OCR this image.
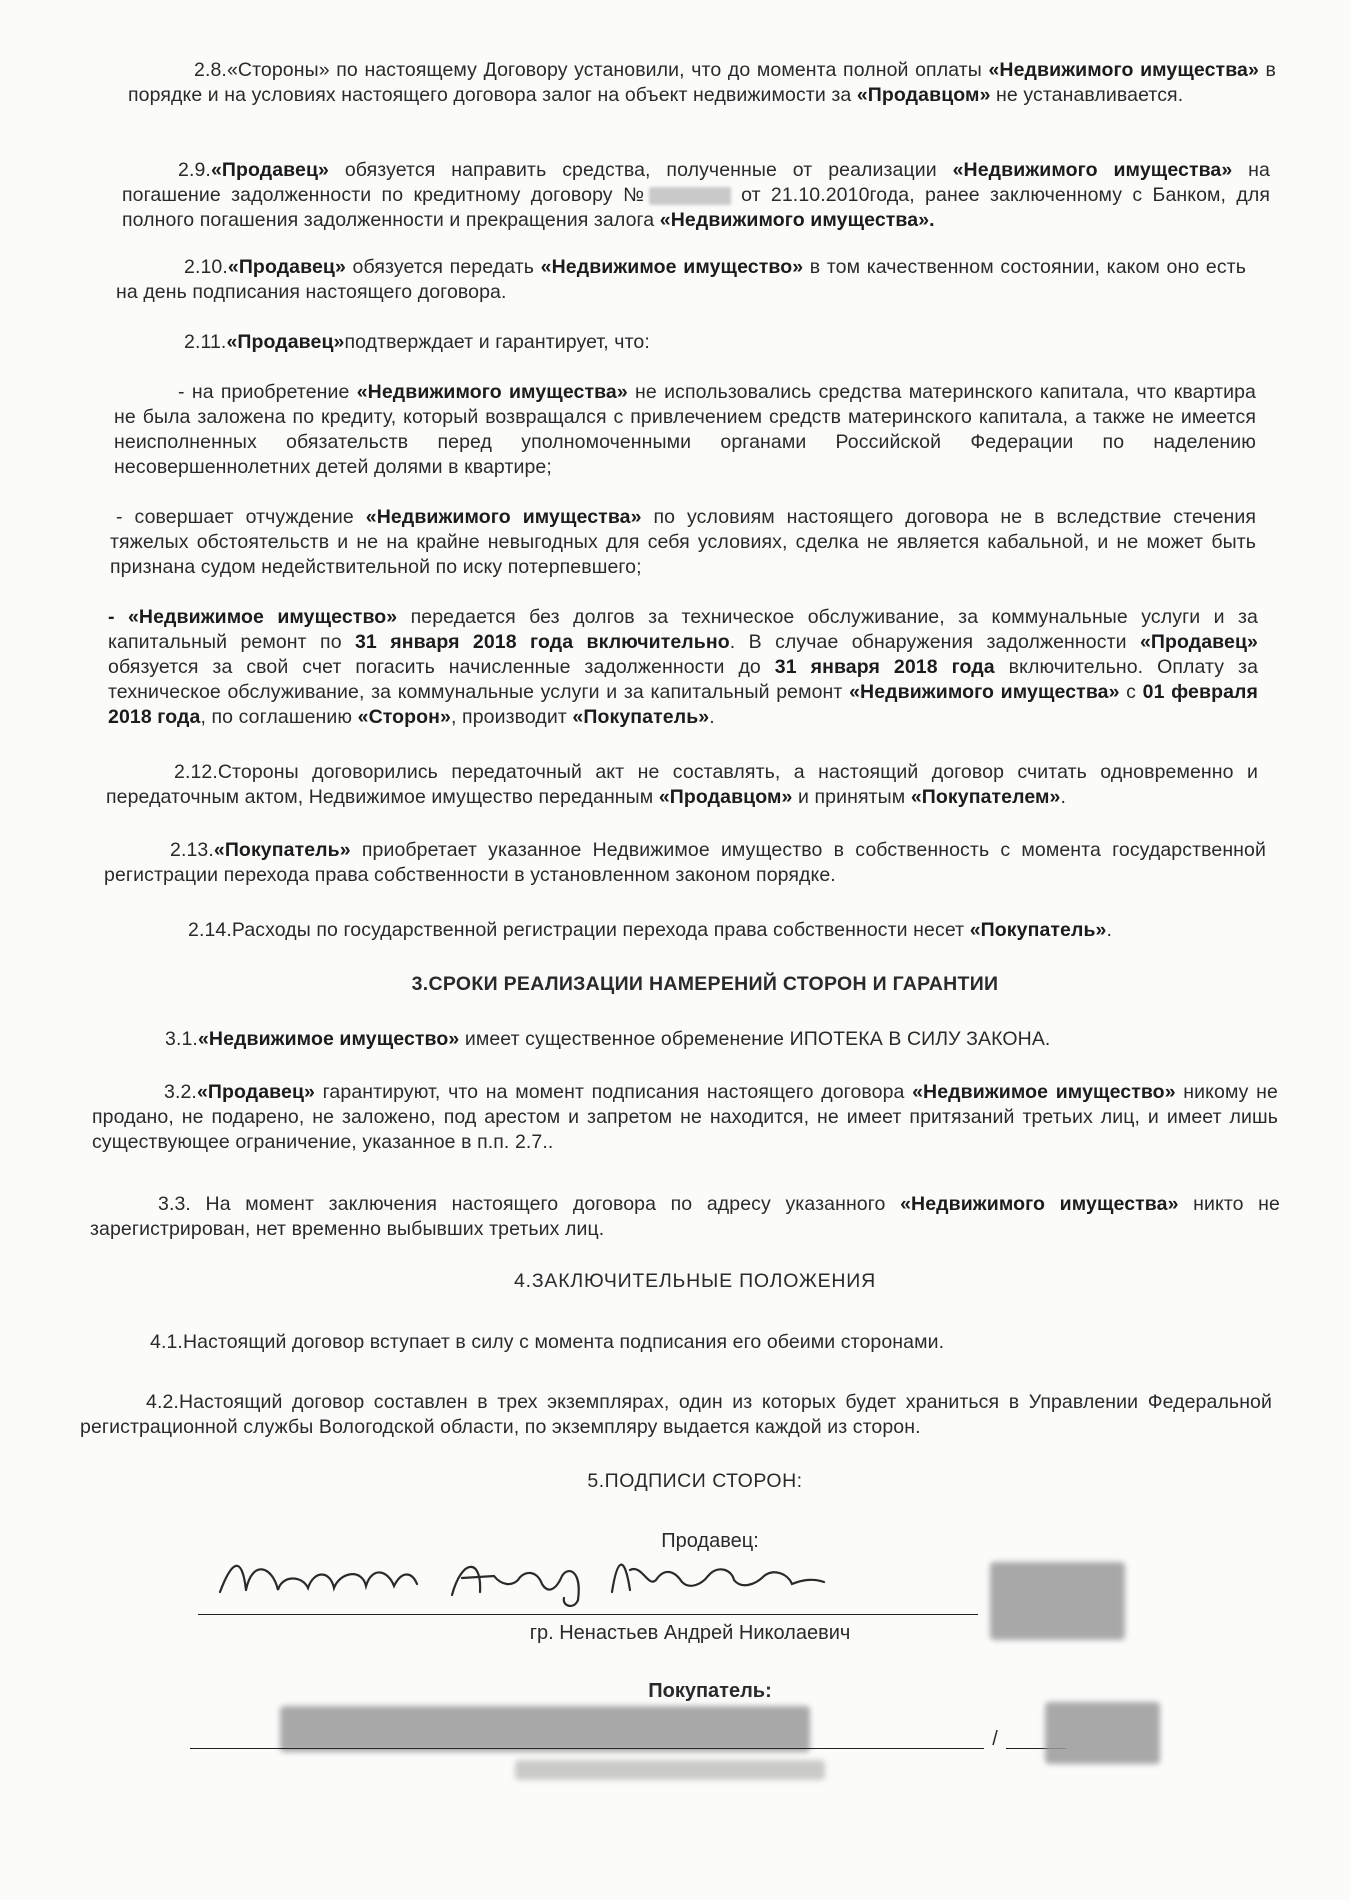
2.8.«Стороны» по настоящему Договору установили, что до момента полной оплаты «Недвижимого имущества» в порядке и на условиях настоящего договора залог на объект недвижимости за «Продавцом» не устанавливается.
2.9.«Продавец» обязуется направить средства, полученные от реализации «Недвижимого имущества» на погашение задолженности по кредитному договору №	от 21.10.2010года, ранее заключенному с Банком, для полного погашения задолженности и прекращения залога «Недвижимого имущества».
2.10.«Продавец» обязуется передать «Недвижимое имущество» в том качественном состоянии, каком оно есть на день подписания настоящего договора.
2.11.«Продавец»подтверждает и гарантирует, что:
- на приобретение «Недвижимого имущества» не использовались средства материнского капитала, что квартира не была заложена по кредиту, который возвращался с привлечением средств материнского капитала, а также не имеется неисполненных обязательств перед уполномоченными органами Российской Федерации по наделению несовершеннолетних детей долями в квартире;
- совершает отчуждение «Недвижимого имущества» по условиям настоящего договора не в вследствие стечения тяжелых обстоятельств и не на крайне невыгодных для себя условиях, сделка не является кабальной, и не может быть признана судом недействительной по иску потерпевшего;
- «Недвижимое имущество» передается без долгов за техническое обслуживание, за коммунальные услуги и за капитальный ремонт по 31 января 2018 года включительно. В случае обнаружения задолженности «Продавец» обязуется за свой счет погасить начисленные задолженности до 31 января 2018 года включительно. Оплату за техническое обслуживание, за коммунальные услуги и за капитальный ремонт «Недвижимого имущества» с 01 февраля 2018 года, по соглашению «Сторон», производит «Покупатель».
2.12.Стороны договорились передаточный акт не составлять, а настоящий договор считать одновременно и передаточным актом, Недвижимое имущество переданным «Продавцом» и принятым «Покупателем».
2.13.«Покупатель» приобретает указанное Недвижимое имущество в собственность с момента государственной регистрации перехода права собственности в установленном законом порядке.
2.14.Расходы по государственной регистрации перехода права собственности несет «Покупатель».
3.СРОКИ РЕАЛИЗАЦИИ НАМЕРЕНИЙ СТОРОН И ГАРАНТИИ
3.1.«Недвижимое имущество» имеет существенное обременение ИПОТЕКА В СИЛУ ЗАКОНА.
3.2.«Продавец» гарантируют, что на момент подписания настоящего договора «Недвижимое имущество» никому не продано, не подарено, не заложено, под арестом и запретом не находится, не имеет притязаний третьих лиц, и имеет лишь существующее ограничение, указанное в п.п. 2.7..
3.3. На момент заключения настоящего договора по адресу указанного «Недвижимого имущества» никто не зарегистрирован, нет временно выбывших третьих лиц.
4.ЗАКЛЮЧИТЕЛЬНЫЕ ПОЛОЖЕНИЯ
4.1.Настоящий договор вступает в силу с момента подписания его обеими сторонами.
4.2.Настоящий договор составлен в трех экземплярах, один из которых будет храниться в Управлении Федеральной регистрационной службы Вологодской области, по экземпляру выдается каждой из сторон.
5.ПОДПИСИ СТОРОН:
Продавец:
гр. Ненастьев Андрей Николаевич
Покупатель:
/
